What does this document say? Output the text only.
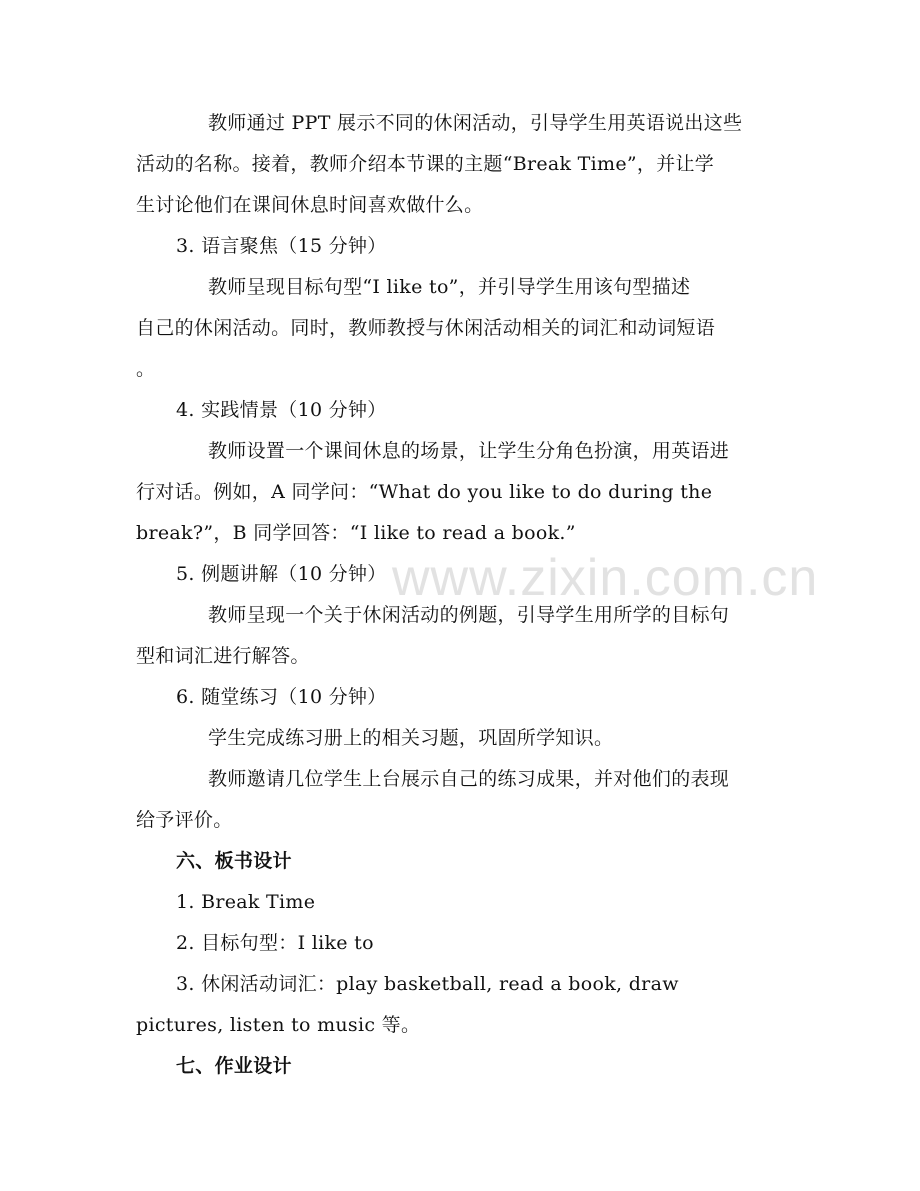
www.zixin.com.cn
教师通过 PPT 展示不同的休闲活动，引导学生用英语说出这些
活动的名称。接着，教师介绍本节课的主题“Break Time”，并让学
生讨论他们在课间休息时间喜欢做什么。
3. 语言聚焦（15 分钟）
教师呈现目标句型“I like to”，并引导学生用该句型描述
自己的休闲活动。同时，教师教授与休闲活动相关的词汇和动词短语
。
4. 实践情景（10 分钟）
教师设置一个课间休息的场景，让学生分角色扮演，用英语进
行对话。例如，A 同学问：“What do you like to do during the
break?”，B 同学回答：“I like to read a book.”
5. 例题讲解（10 分钟）
教师呈现一个关于休闲活动的例题，引导学生用所学的目标句
型和词汇进行解答。
6. 随堂练习（10 分钟）
学生完成练习册上的相关习题，巩固所学知识。
教师邀请几位学生上台展示自己的练习成果，并对他们的表现
给予评价。
六、板书设计
1. Break Time
2. 目标句型：I like to
3. 休闲活动词汇：play basketball, read a book, draw
pictures, listen to music 等。
七、作业设计
